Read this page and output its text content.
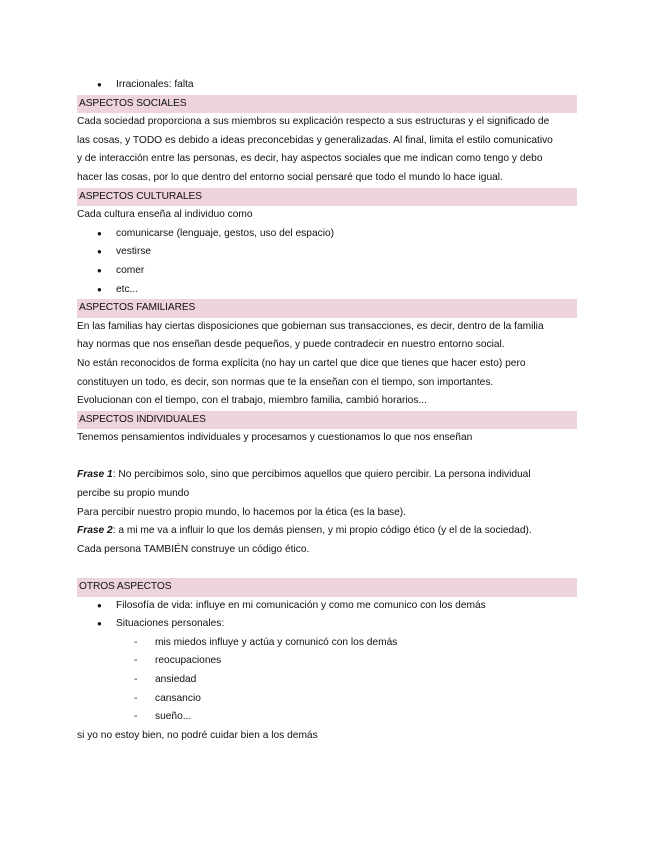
● Irracionales: falta
ASPECTOS SOCIALES
Cada sociedad proporciona a sus miembros su explicación respecto a sus estructuras y el significado de
las cosas, y TODO es debido a ideas preconcebidas y generalizadas. Al final, limita el estilo comunicativo
y de interacción entre las personas, es decir, hay aspectos sociales que me indican como tengo y debo
hacer las cosas, por lo que dentro del entorno social pensaré que todo el mundo lo hace igual.
ASPECTOS CULTURALES
Cada cultura enseña al individuo como
● comunicarse (lenguaje, gestos, uso del espacio)
● vestirse
● comer
● etc...
ASPECTOS FAMILIARES
En las familias hay ciertas disposiciones que gobiernan sus transacciones, es decir, dentro de la familia
hay normas que nos enseñan desde pequeños, y puede contradecir en nuestro entorno social.
No están reconocidos de forma explícita (no hay un cartel que dice que tienes que hacer esto) pero
constituyen un todo, es decir, son normas que te la enseñan con el tiempo, son importantes.
Evolucionan con el tiempo, con el trabajo, miembro familia, cambió horarios...
ASPECTOS INDIVIDUALES
Tenemos pensamientos individuales y procesamos y cuestionamos lo que nos enseñan
Frase 1: No percibimos solo, sino que percibimos aquellos que quiero percibir. La persona individual
percibe su propio mundo
Para percibir nuestro propio mundo, lo hacemos por la ética (es la base).
Frase 2: a mi me va a influir lo que los demás piensen, y mi propio código ético (y el de la sociedad).
Cada persona TAMBIÉN construye un código ético.
OTROS ASPECTOS
● Filosofía de vida: influye en mi comunicación y como me comunico con los demás
● Situaciones personales:
- mis miedos influye y actúa y comunicó con los demás
- reocupaciones
- ansiedad
- cansancio
- sueño...
si yo no estoy bien, no podré cuidar bien a los demás
